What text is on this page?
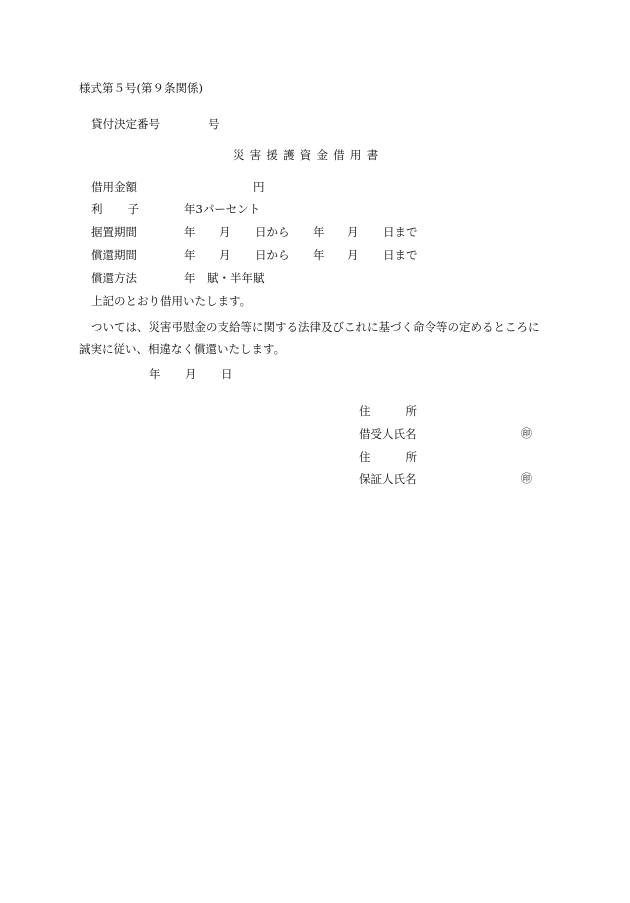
様式第５号(第９条関係)
貸付決定番号	号
災害援護資金借用書
借用金額	円
利 子	年3パーセント
据置期間	年 月 日から 年 月 日まで
償還期間	年 月 日から 年 月 日まで
償還方法	年　賦・半年賦
上記のとおり借用いたします。
ついては、災害弔慰金の支給等に関する法律及びこれに基づく命令等の定めるところに誠実に従い、相違なく償還いたします。
年 月 日
住	所
借受人氏名	㊞
住	所
保証人氏名	㊞
